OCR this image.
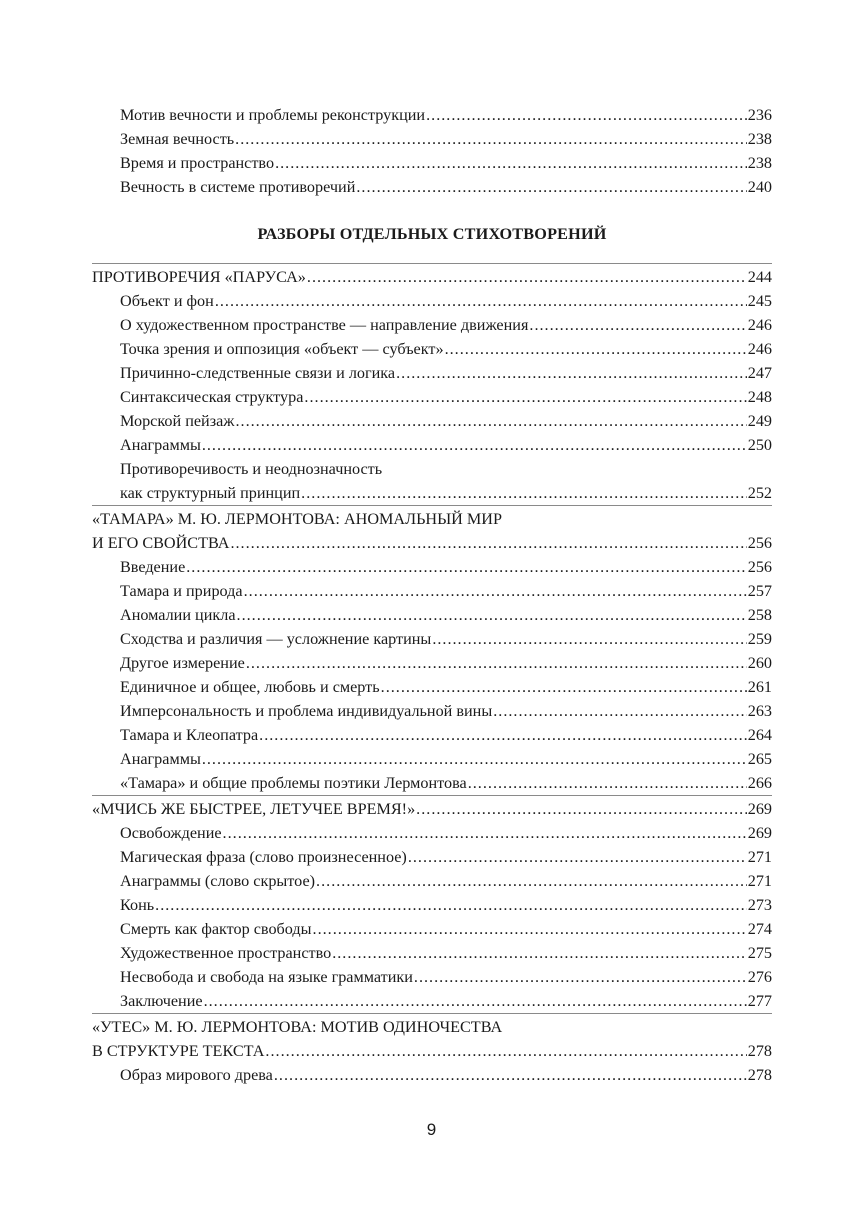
Мотив вечности и проблемы реконструкции .....	236
Земная вечность .....	238
Время и пространство .....	238
Вечность в системе противоречий .....	240
РАЗБОРЫ ОТДЕЛЬНЫХ СТИХОТВОРЕНИЙ
ПРОТИВОРЕЧИЯ «ПАРУСА» .....	244
Объект и фон .....	245
О художественном пространстве — направление движения .....	246
Точка зрения и оппозиция «объект — субъект» .....	246
Причинно-следственные связи и логика .....	247
Синтаксическая структура .....	248
Морской пейзаж .....	249
Анаграммы .....	250
Противоречивость и неоднозначность
как структурный принцип .....	252
«ТАМАРА» М. Ю. ЛЕРМОНТОВА: АНОМАЛЬНЫЙ МИР
И ЕГО СВОЙСТВА .....	256
Введение .....	256
Тамара и природа .....	257
Аномалии цикла .....	258
Сходства и различия — усложнение картины .....	259
Другое измерение .....	260
Единичное и общее, любовь и смерть .....	261
Имперсональность и проблема индивидуальной вины .....	263
Тамара и Клеопатра .....	264
Анаграммы .....	265
«Тамара» и общие проблемы поэтики Лермонтова .....	266
«МЧИСЬ ЖЕ БЫСТРЕЕ, ЛЕТУЧЕЕ ВРЕМЯ!» .....	269
Освобождение .....	269
Магическая фраза (слово произнесенное) .....	271
Анаграммы (слово скрытое) .....	271
Конь .....	273
Смерть как фактор свободы .....	274
Художественное пространство .....	275
Несвобода и свобода на языке грамматики .....	276
Заключение .....	277
«УТЕС» М. Ю. ЛЕРМОНТОВА: МОТИВ ОДИНОЧЕСТВА
В СТРУКТУРЕ ТЕКСТА .....	278
Образ мирового древа .....	278
9
